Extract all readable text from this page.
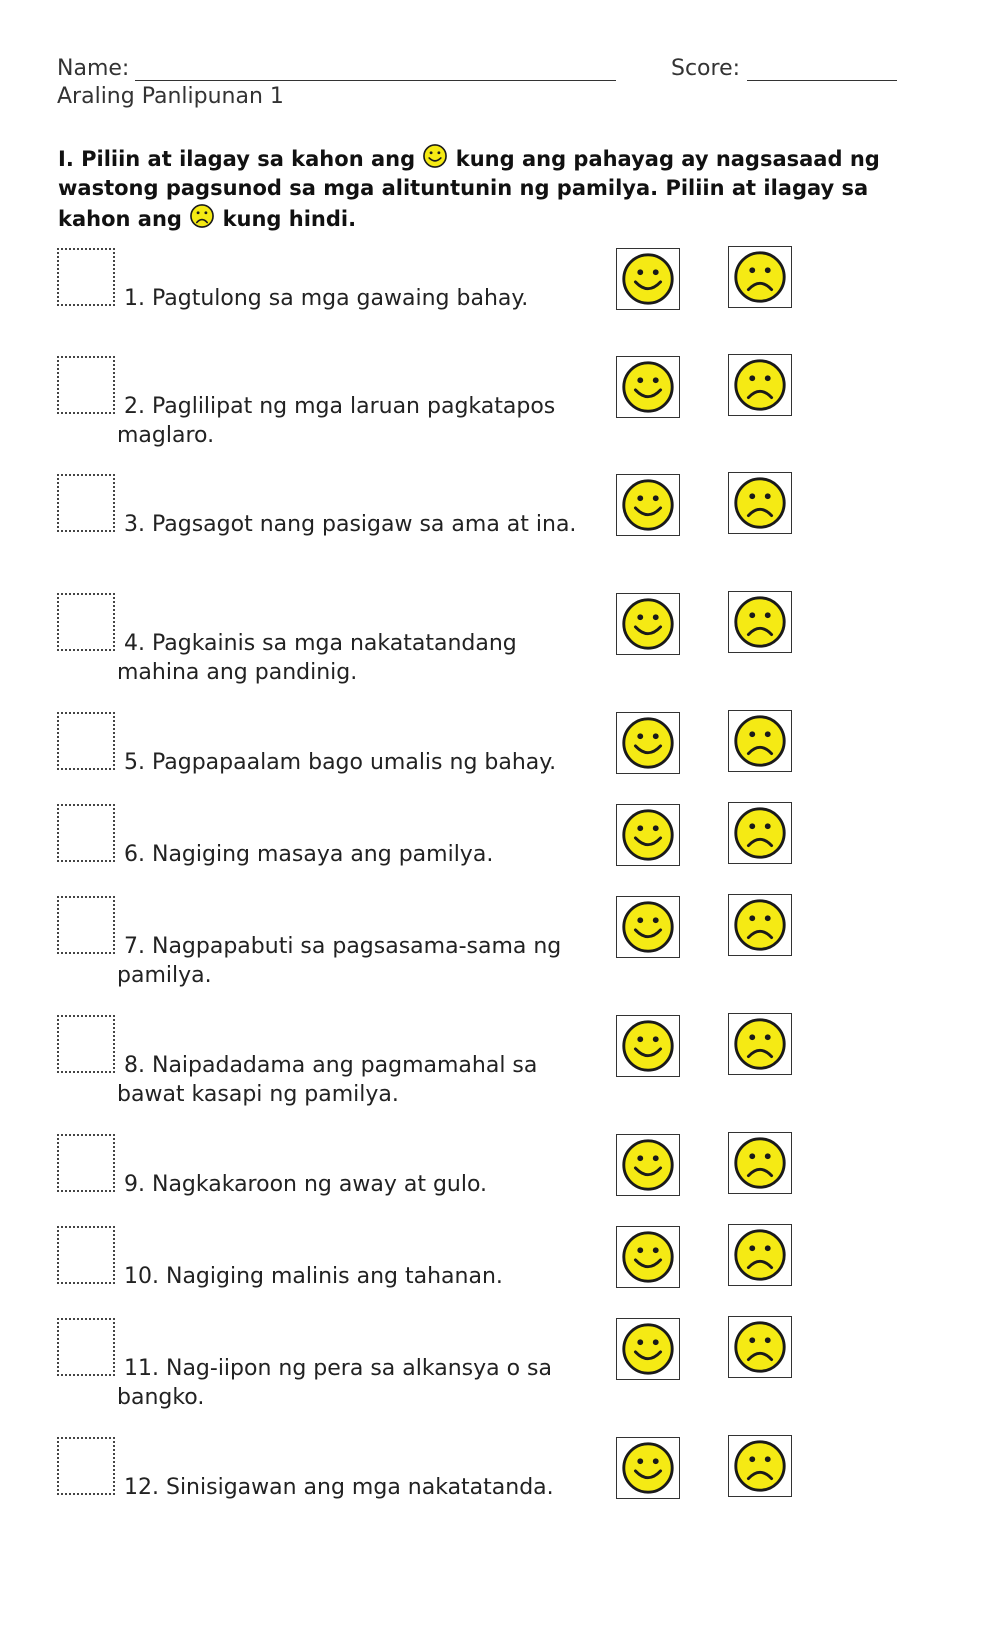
Name:	Score:
Araling Panlipunan 1
I. Piliin at ilagay sa kahon ang kung ang pahayag ay nagsasaad ng wastong pagsunod sa mga alituntunin ng pamilya. Piliin at ilagay sa kahon ang kung hindi.
1. Pagtulong sa mga gawaing bahay.
2. Paglilipat ng mga laruan pagkatapos maglaro.
3. Pagsagot nang pasigaw sa ama at ina.
4. Pagkainis sa mga nakatatandang mahina ang pandinig.
5. Pagpapaalam bago umalis ng bahay.
6. Nagiging masaya ang pamilya.
7. Nagpapabuti sa pagsasama-sama ng pamilya.
8. Naipadadama ang pagmamahal sa bawat kasapi ng pamilya.
9. Nagkakaroon ng away at gulo.
10. Nagiging malinis ang tahanan.
11. Nag-iipon ng pera sa alkansya o sa bangko.
12. Sinisigawan ang mga nakatatanda.
